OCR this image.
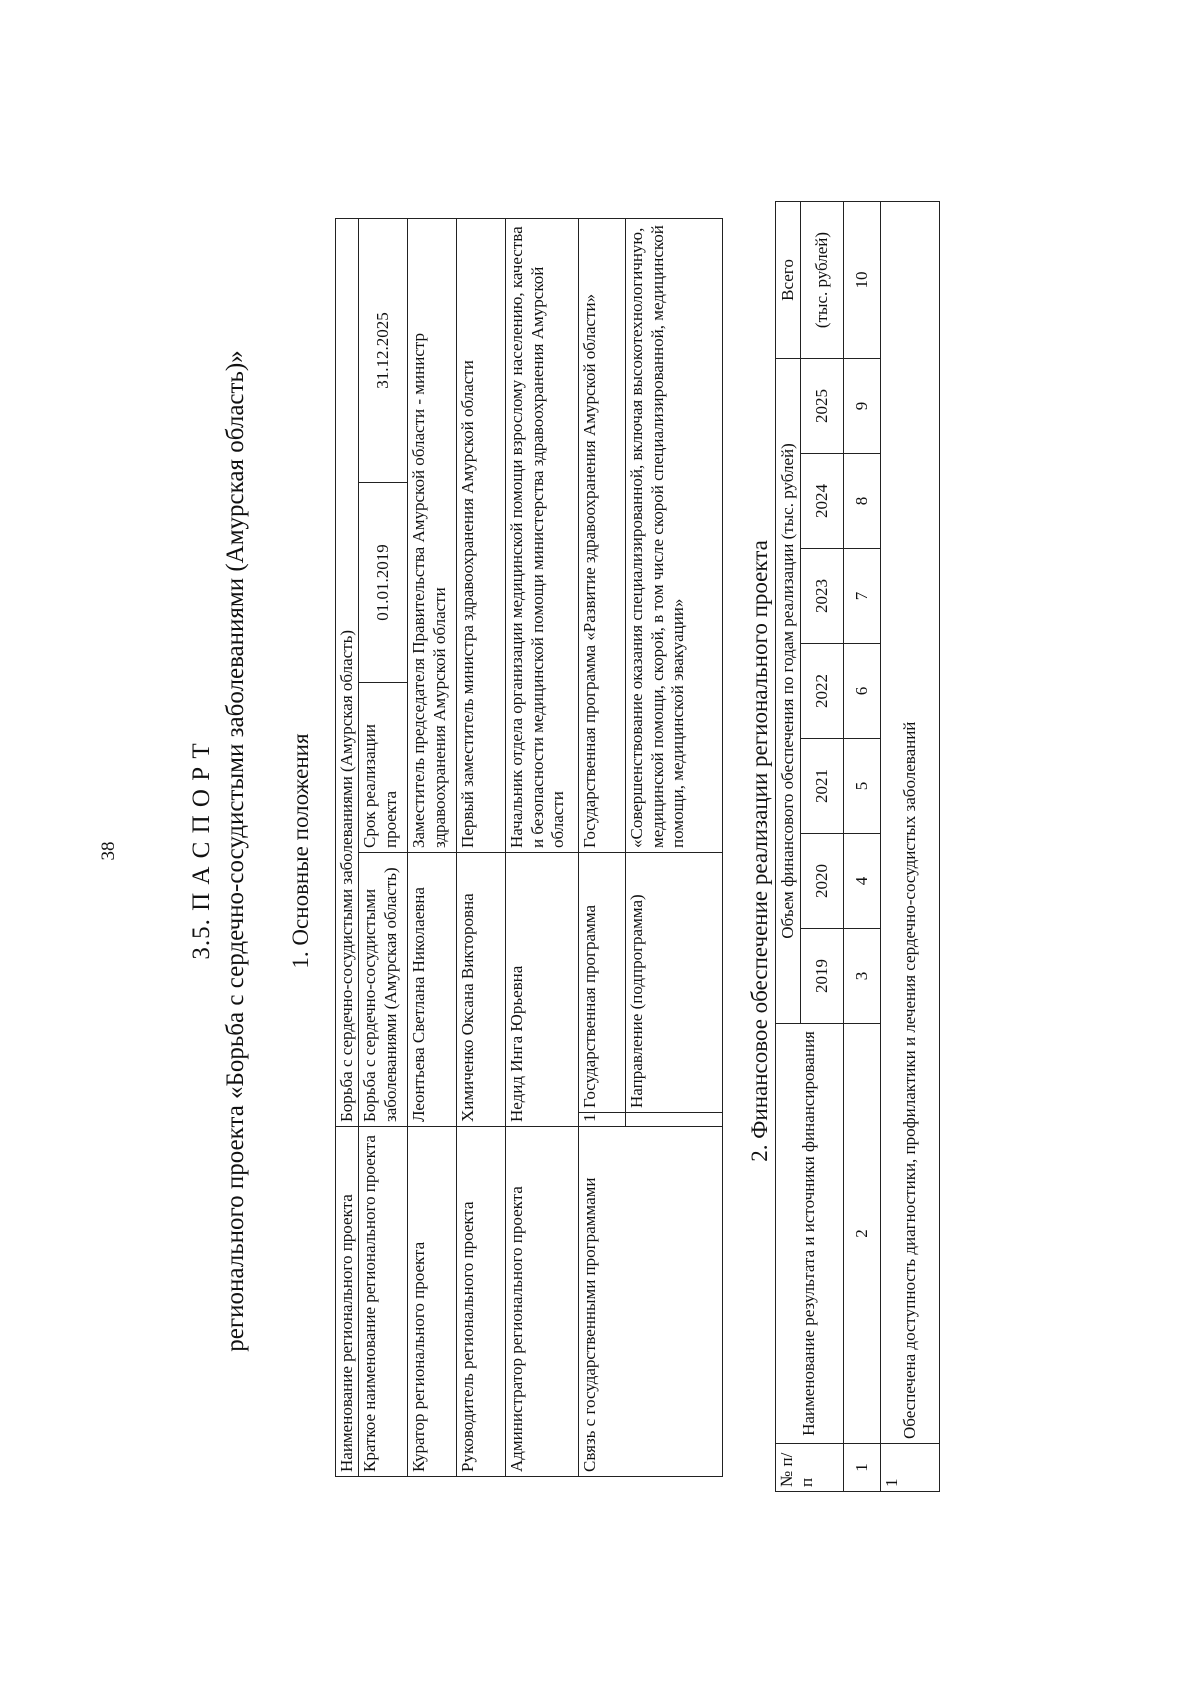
38	3.5. П А С П О Р Т регионального проекта «Борьба с сердечно-сосудистыми заболеваниями (Амурская область)» 1. Основные положения
Наименование регионального проекта	Борьба с сердечно-сосудистыми заболеваниями (Амурская область)				
Краткое наименование регионального проекта	Борьба с сердечно-сосудистыми заболеваниями (Амурская область)		Срок реализации проекта	01.01.2019	31.12.2025
Куратор регионального проекта	Леонтьева Светлана Николаевна		Заместитель председателя Правительства Амурской области - министр здравоохранения Амурской области		
Руководитель регионального проекта	Химиченко Оксана Викторовна		Первый заместитель министра здравоохранения Амурской области		
Администратор регионального проекта	Недид Инга Юрьевна		Начальник отдела организации медицинской помощи взрослому населению, качества и безопасности медицинской помощи министерства здравоохранения Амурской области		
Связь с государственными программами	1	Государственная программа	Государственная программа «Развитие здравоохранения Амурской области»		
		Направление (подпрограмма)	«Совершенствование оказания специализированной, включая высокотехнологичную, медицинской помощи, скорой, в том числе скорой специализированной, медицинской помощи, медицинской эвакуации»			2. Финансовое обеспечение реализации регионального проекта
№ п/п	Наименование результата и источники финансирования	Объем финансового обеспечения по годам реализации (тыс. рублей)							Всего
		2019	2020	2021	2022	2023	2024	2025	(тыс. рублей)
1	2	3	4	5	6	7	8	9	10
1	Обеспечена доступность диагностики, профилактики и лечения сердечно-сосудистых заболеваний								
